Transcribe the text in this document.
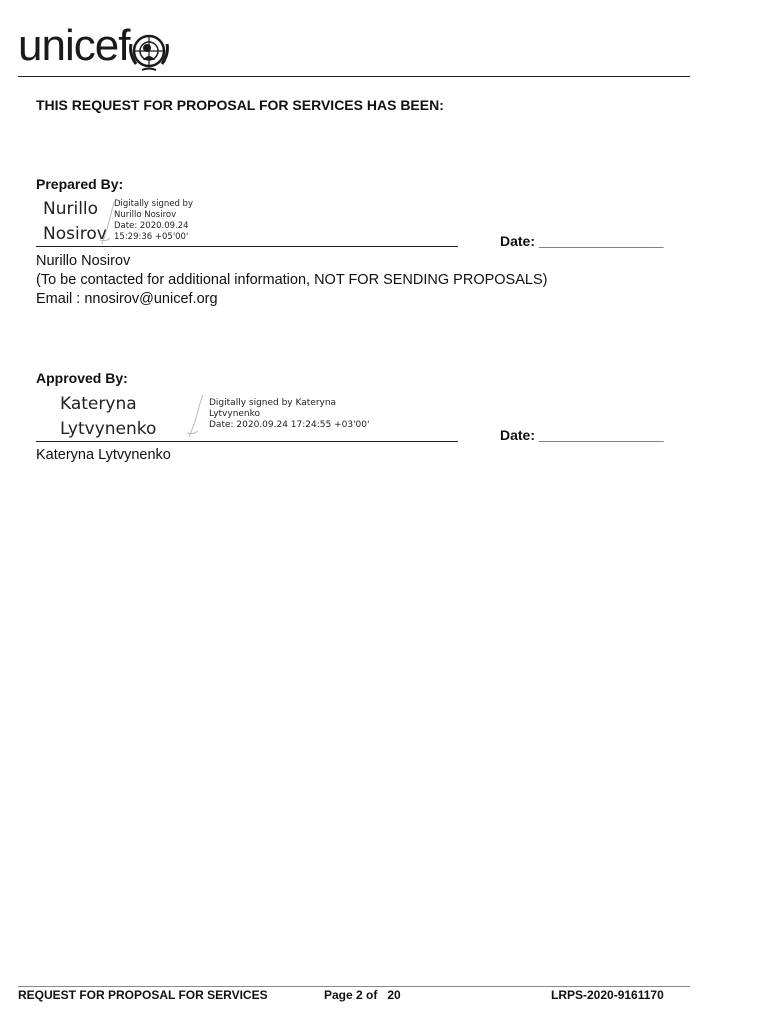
unicef
THIS REQUEST FOR PROPOSAL FOR SERVICES HAS BEEN:
Prepared By:
Nurillo
Nosirov
Digitally signed by
Nurillo Nosirov
Date: 2020.09.24
15:29:36 +05'00'	Date: ________________
Nurillo Nosirov
(To be contacted for additional information, NOT FOR SENDING PROPOSALS)
Email : nnosirov@unicef.org
Approved By:
Kateryna
Lytvynenko
Digitally signed by Kateryna
Lytvynenko
Date: 2020.09.24 17:24:55 +03'00'
Date: ________________
Kateryna Lytvynenko
REQUEST FOR PROPOSAL FOR SERVICES	Page 2 of   20	LRPS-2020-9161170
